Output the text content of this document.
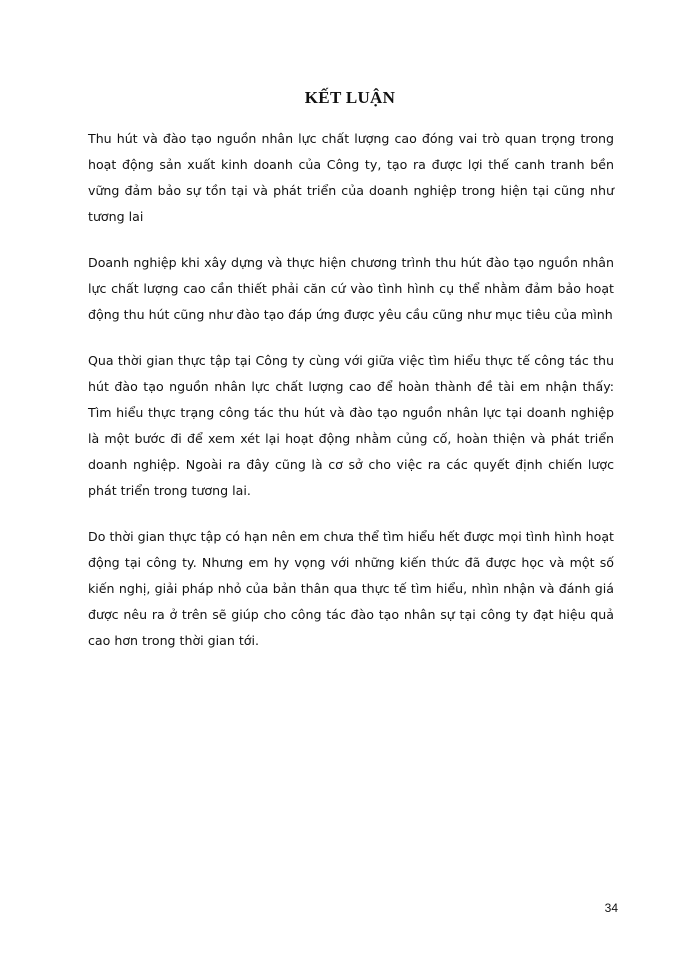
KẾT LUẬN

Thu hút và đào tạo nguồn nhân lực chất lượng cao đóng vai trò quan trọng trong hoạt động sản xuất kinh doanh của Công ty, tạo ra được lợi thế canh tranh bền vững đảm bảo sự tồn tại và phát triển của doanh nghiệp trong hiện tại cũng như tương lai

Doanh nghiệp khi xây dựng và thực hiện chương trình thu hút đào tạo nguồn nhân lực chất lượng cao cần thiết phải căn cứ vào tình hình cụ thể nhằm đảm bảo hoạt động thu hút cũng như đào tạo đáp ứng được yêu cầu cũng như mục tiêu của mình

Qua thời gian thực tập tại Công ty cùng với giữa việc tìm hiểu thực tế công tác thu hút đào tạo nguồn nhân lực chất lượng cao để hoàn thành đề tài em nhận thấy: Tìm hiểu thực trạng công tác thu hút và đào tạo nguồn nhân lực tại doanh nghiệp là một bước đi để xem xét lại hoạt động nhằm củng cố, hoàn thiện và phát triển doanh nghiệp. Ngoài ra đây cũng là cơ sở cho việc ra các quyết định chiến lược phát triển trong tương lai.

Do thời gian thực tập có hạn nên em chưa thể tìm hiểu hết được mọi tình hình hoạt động tại công ty. Nhưng em hy vọng với những kiến thức đã được học và một số kiến nghị, giải pháp nhỏ của bản thân qua thực tế tìm hiểu, nhìn nhận và đánh giá được nêu ra ở trên sẽ giúp cho công tác đào tạo nhân sự tại công ty đạt hiệu quả cao hơn trong thời gian tới.

34
